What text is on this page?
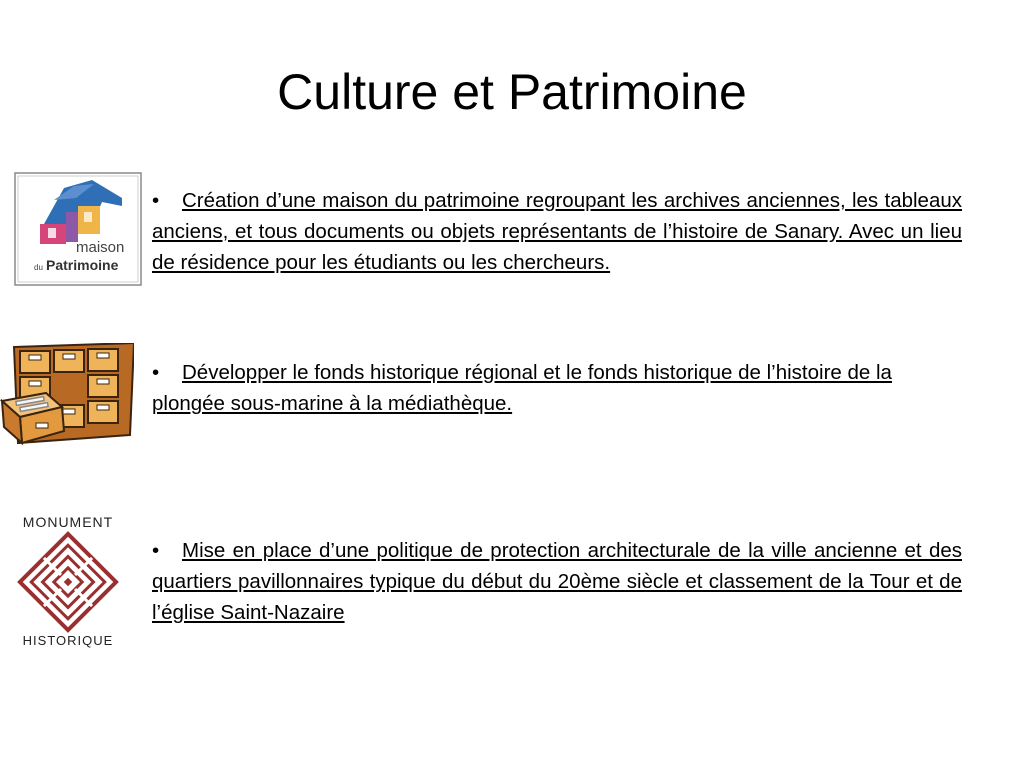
Culture et Patrimoine
maison
du Patrimoine
MONUMENT
HISTORIQUE
• Création d’une maison du patrimoine regroupant les archives anciennes, les tableaux anciens, et tous documents ou objets représentants de l’histoire de Sanary. Avec un lieu de résidence pour les étudiants ou les chercheurs.
• Développer le fonds historique régional et le fonds historique de l’histoire de la plongée sous-marine à la médiathèque.
• Mise en place d’une politique de protection architecturale de la ville ancienne et des quartiers pavillonnaires typique du début du 20ème siècle et classement de la Tour et de l’église Saint-Nazaire
